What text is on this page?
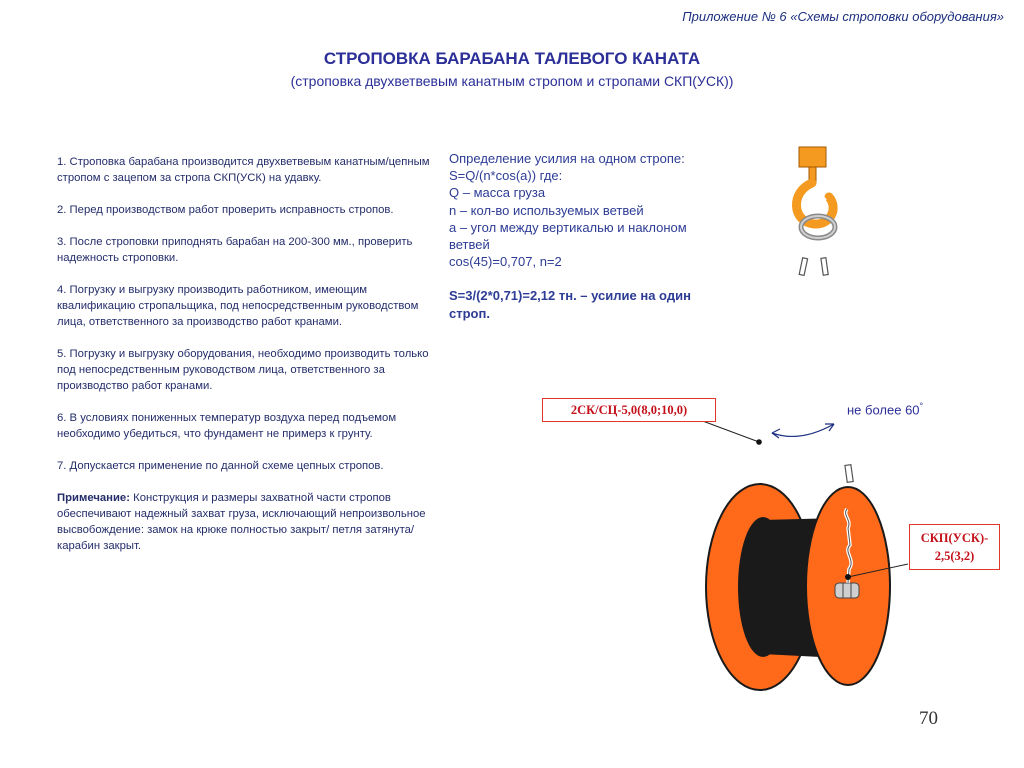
Приложение № 6 «Схемы строповки оборудования»
СТРОПОВКА БАРАБАНА ТАЛЕВОГО КАНАТА
(строповка двухветвевым канатным стропом и стропами СКП(УСК))

1. Строповка барабана производится двухветвевым канатным/цепным стропом с зацепом за стропа СКП(УСК) на удавку.

2. Перед производством работ проверить исправность стропов.

3. После строповки приподнять барабан на 200-300 мм., проверить надежность строповки.

4. Погрузку и выгрузку производить работником, имеющим квалификацию стропальщика, под непосредственным руководством лица, ответственного за производство работ кранами.

5. Погрузку и выгрузку оборудования, необходимо производить только под непосредственным руководством лица, ответственного за производство работ кранами.

6. В условиях пониженных температур воздуха перед подъемом необходимо убедиться, что фундамент не примерз к грунту.

7. Допускается применение по данной схеме цепных стропов.

Примечание: Конструкция и размеры захватной части стропов обеспечивают надежный захват груза, исключающий непроизвольное высвобождение: замок на крюке полностью закрыт/ петля затянута/ карабин закрыт.

Определение усилия на одном стропе:
S=Q/(n*cos(a)) где:
Q – масса груза
n – кол-во используемых ветвей
a – угол между вертикалью и наклоном ветвей
cos(45)=0,707, n=2
S=3/(2*0,71)=2,12 тн. – усилие на один строп.
2СК/СЦ-5,0(8,0;10,0)	не более 60°
СКП(УСК)-
2,5(3,2)
70
